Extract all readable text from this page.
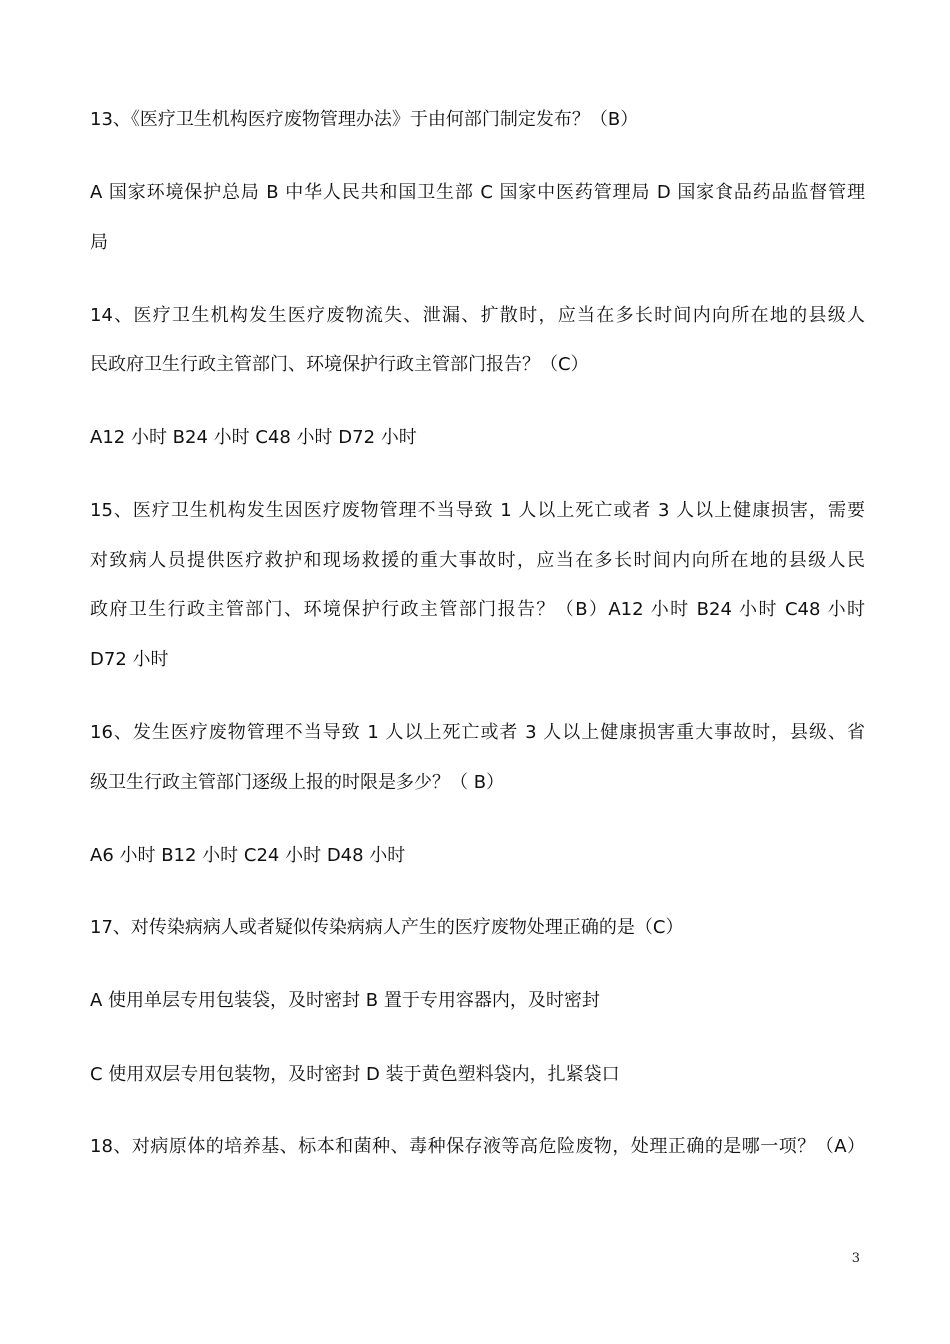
13、《医疗卫生机构医疗废物管理办法》于由何部门制定发布？（B）
A 国家环境保护总局 B 中华人民共和国卫生部 C 国家中医药管理局 D 国家食品药品监督管理
局
14、医疗卫生机构发生医疗废物流失、泄漏、扩散时，应当在多长时间内向所在地的县级人
民政府卫生行政主管部门、环境保护行政主管部门报告？（C）
A12 小时 B24 小时 C48 小时 D72 小时
15、医疗卫生机构发生因医疗废物管理不当导致 1 人以上死亡或者 3 人以上健康损害，需要
对致病人员提供医疗救护和现场救援的重大事故时，应当在多长时间内向所在地的县级人民
政府卫生行政主管部门、环境保护行政主管部门报告？（B）A12 小时 B24 小时 C48 小时
D72 小时
16、发生医疗废物管理不当导致 1 人以上死亡或者 3 人以上健康损害重大事故时，县级、省
级卫生行政主管部门逐级上报的时限是多少？（ B）
A6 小时 B12 小时 C24 小时 D48 小时
17、对传染病病人或者疑似传染病病人产生的医疗废物处理正确的是（C）
A 使用单层专用包装袋，及时密封 B 置于专用容器内，及时密封
C 使用双层专用包装物，及时密封 D 装于黄色塑料袋内，扎紧袋口
18、对病原体的培养基、标本和菌种、毒种保存液等高危险废物，处理正确的是哪一项？（A）
3
